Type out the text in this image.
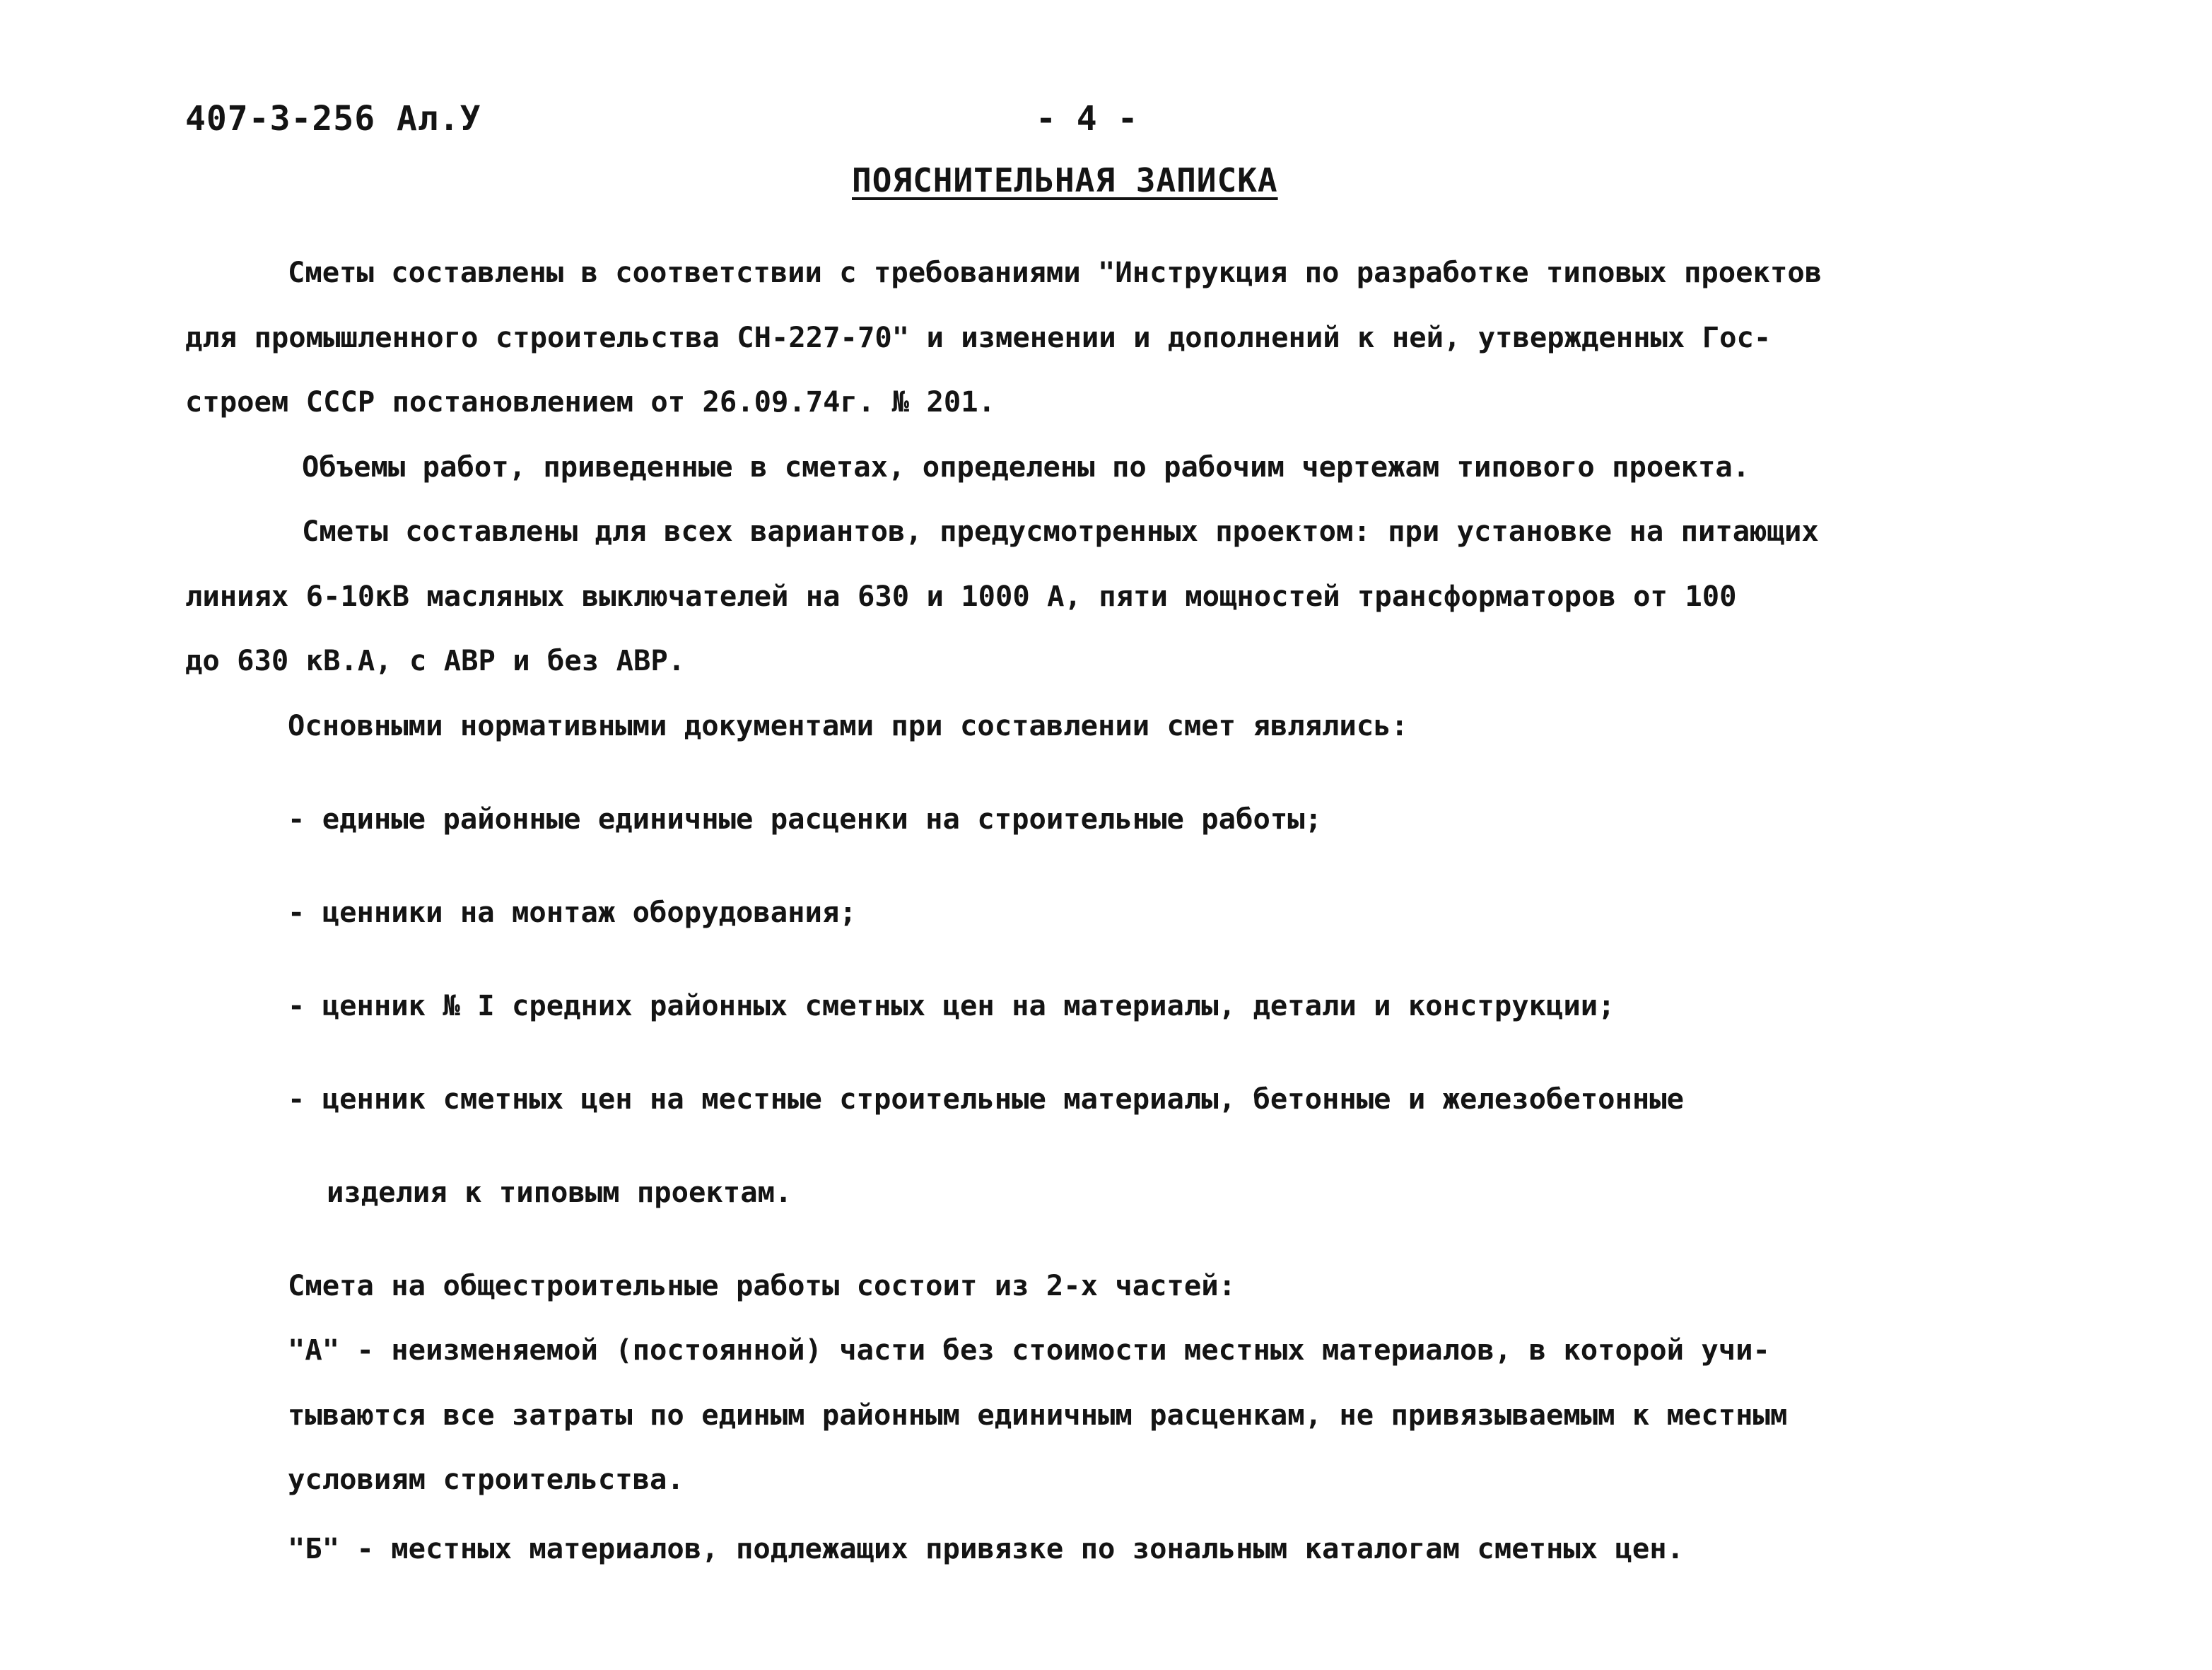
407-3-256 Ал.У	- 4 -
ПОЯСНИТЕЛЬНАЯ ЗАПИСКА

Сметы составлены в соответствии с требованиями "Инструкция по разработке типовых проектов

для промышленного строительства СН-227-70" и изменении и дополнений к ней, утвержденных Гос-

строем СССР постановлением от 26.09.74г. № 201.

Объемы работ, приведенные в сметах, определены по рабочим чертежам типового проекта.

Сметы составлены для всех вариантов, предусмотренных проектом: при установке на питающих

линиях 6-10кВ масляных выключателей на 630 и 1000 А, пяти мощностей трансформаторов от 100

до 630 кВ.А, с АВР и без АВР.

Основными нормативными документами при составлении смет являлись:

- единые районные единичные расценки на строительные работы;

- ценники на монтаж оборудования;

- ценник № I средних районных сметных цен на материалы, детали и конструкции;

- ценник сметных цен на местные строительные материалы, бетонные и железобетонные

изделия к типовым проектам.

Смета на общестроительные работы состоит из 2-х частей:

"А" - неизменяемой (постоянной) части без стоимости местных материалов, в которой учи-

тываются все затраты по единым районным единичным расценкам, не привязываемым к местным

условиям строительства.

"Б" - местных материалов, подлежащих привязке по зональным каталогам сметных цен.
